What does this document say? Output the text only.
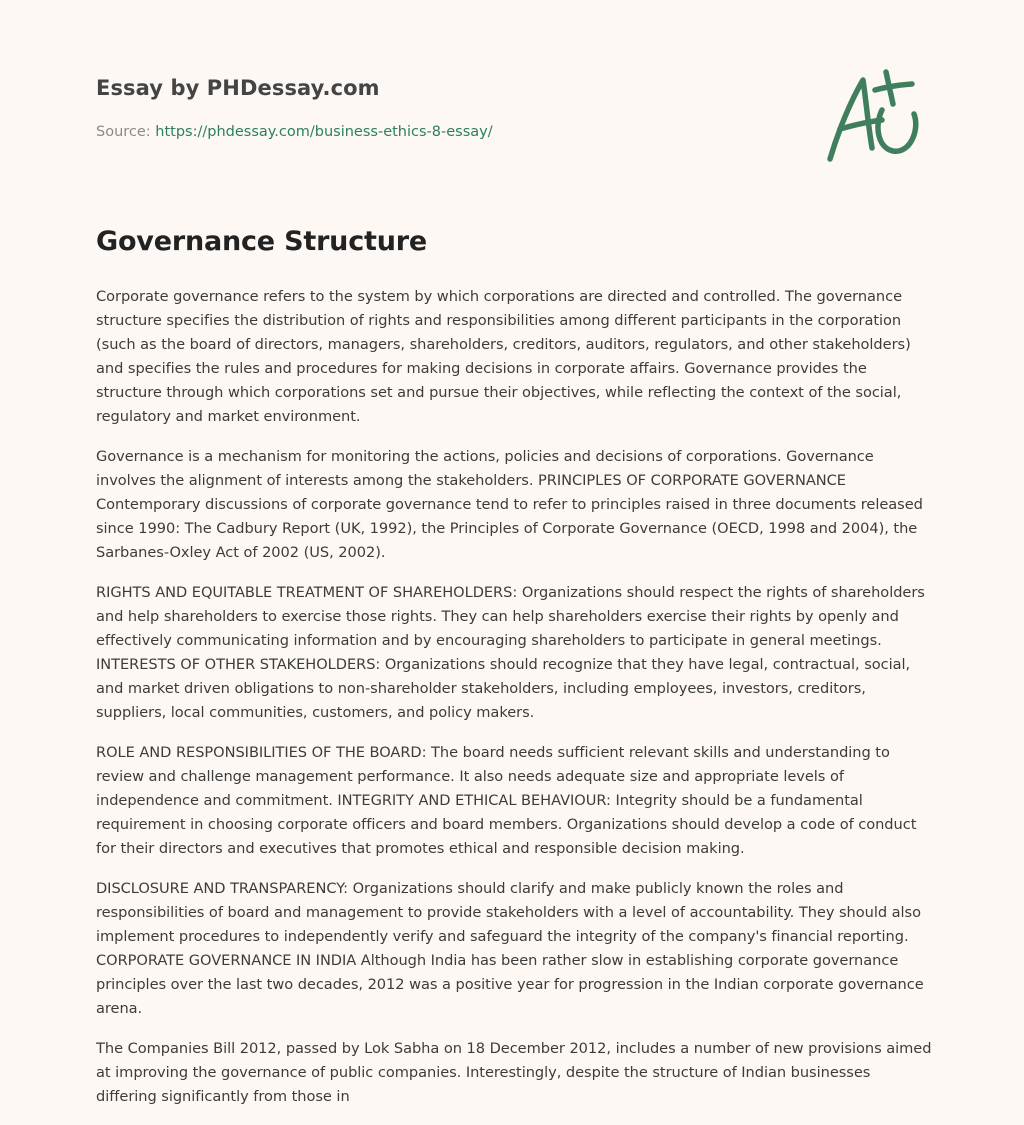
Essay by PHDessay.com
Source: https://phdessay.com/business-ethics-8-essay/
Governance Structure

Corporate governance refers to the system by which corporations are directed and controlled. The governance structure specifies the distribution of rights and responsibilities among different participants in the corporation (such as the board of directors, managers, shareholders, creditors, auditors, regulators, and other stakeholders) and specifies the rules and procedures for making decisions in corporate affairs. Governance provides the structure through which corporations set and pursue their objectives, while reflecting the context of the social, regulatory and market environment.

Governance is a mechanism for monitoring the actions, policies and decisions of corporations. Governance involves the alignment of interests among the stakeholders. PRINCIPLES OF CORPORATE GOVERNANCE Contemporary discussions of corporate governance tend to refer to principles raised in three documents released since 1990: The Cadbury Report (UK, 1992), the Principles of Corporate Governance (OECD, 1998 and 2004), the Sarbanes-Oxley Act of 2002 (US, 2002).

RIGHTS AND EQUITABLE TREATMENT OF SHAREHOLDERS: Organizations should respect the rights of shareholders and help shareholders to exercise those rights. They can help shareholders exercise their rights by openly and effectively communicating information and by encouraging shareholders to participate in general meetings. INTERESTS OF OTHER STAKEHOLDERS: Organizations should recognize that they have legal, contractual, social, and market driven obligations to non-shareholder stakeholders, including employees, investors, creditors, suppliers, local communities, customers, and policy makers.

ROLE AND RESPONSIBILITIES OF THE BOARD: The board needs sufficient relevant skills and understanding to review and challenge management performance. It also needs adequate size and appropriate levels of independence and commitment. INTEGRITY AND ETHICAL BEHAVIOUR: Integrity should be a fundamental requirement in choosing corporate officers and board members. Organizations should develop a code of conduct for their directors and executives that promotes ethical and responsible decision making.

DISCLOSURE AND TRANSPARENCY: Organizations should clarify and make publicly known the roles and responsibilities of board and management to provide stakeholders with a level of accountability. They should also implement procedures to independently verify and safeguard the integrity of the company's financial reporting. CORPORATE GOVERNANCE IN INDIA Although India has been rather slow in establishing corporate governance principles over the last two decades, 2012 was a positive year for progression in the Indian corporate governance arena.

The Companies Bill 2012, passed by Lok Sabha on 18 December 2012, includes a number of new provisions aimed at improving the governance of public companies. Interestingly, despite the structure of Indian businesses differing significantly from those in
